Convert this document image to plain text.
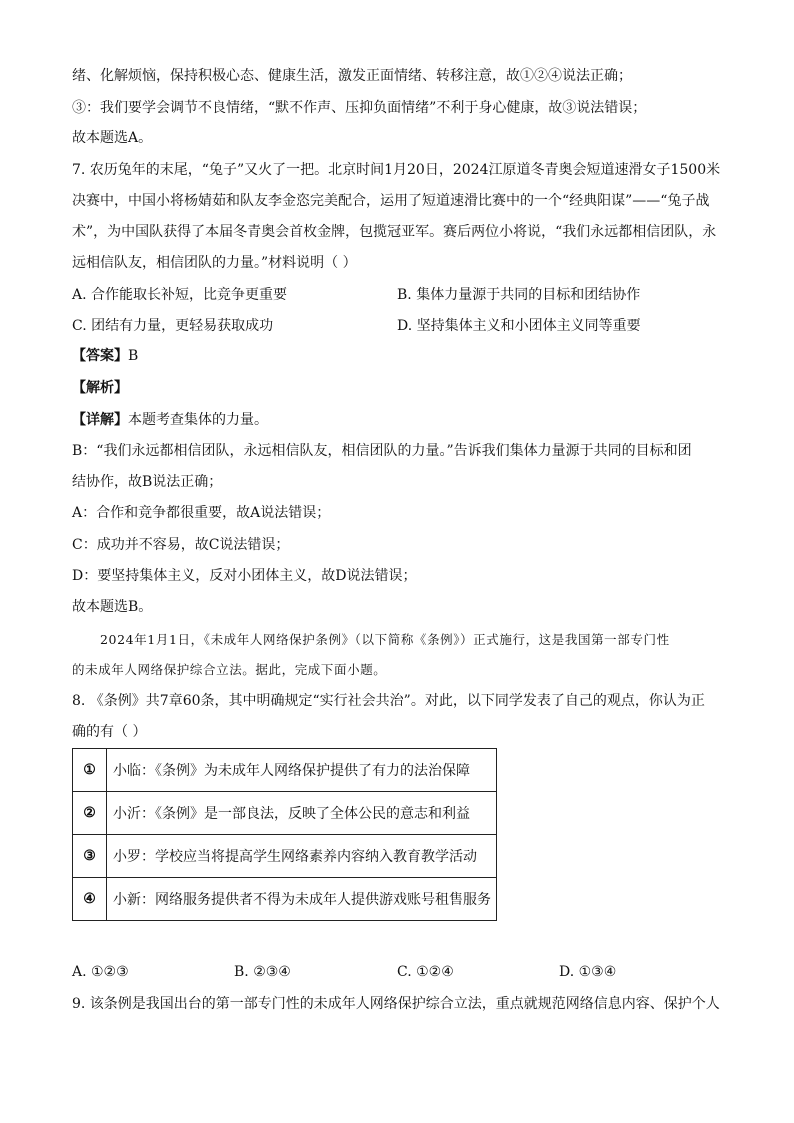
绪、化解烦恼，保持积极心态、健康生活，激发正面情绪、转移注意，故①②④说法正确；
③：我们要学会调节不良情绪，“默不作声、压抑负面情绪”不利于身心健康，故③说法错误；
故本题选A。
7. 农历兔年的末尾，“兔子”又火了一把。北京时间1月20日，2024江原道冬青奥会短道速滑女子1500米
决赛中，中国小将杨婧茹和队友李金恣完美配合，运用了短道速滑比赛中的一个“经典阳谋”——“兔子战
术”，为中国队获得了本届冬青奥会首枚金牌，包揽冠亚军。赛后两位小将说，“我们永远都相信团队，永
远相信队友，相信团队的力量。”材料说明（ ）
A. 合作能取长补短，比竞争更重要	B. 集体力量源于共同的目标和团结协作
C. 团结有力量，更轻易获取成功	D. 坚持集体主义和小团体主义同等重要
【答案】B
【解析】
【详解】本题考查集体的力量。
B：“我们永远都相信团队，永远相信队友，相信团队的力量。”告诉我们集体力量源于共同的目标和团
结协作，故B说法正确；
A：合作和竞争都很重要，故A说法错误；
C：成功并不容易，故C说法错误；
D：要坚持集体主义，反对小团体主义，故D说法错误；
故本题选B。
2024年1月1日，《未成年人网络保护条例》（以下简称《条例》）正式施行，这是我国第一部专门性
的未成年人网络保护综合立法。据此，完成下面小题。
8. 《条例》共7章60条，其中明确规定“实行社会共治”。对此，以下同学发表了自己的观点，你认为正
确的有（ ）
①	小临：《条例》为未成年人网络保护提供了有力的法治保障
②	小沂：《条例》是一部良法，反映了全体公民的意志和利益
③	小罗：学校应当将提高学生网络素养内容纳入教育教学活动
④	小新：网络服务提供者不得为未成年人提供游戏账号租售服务
A. ①②③	B. ②③④	C. ①②④	D. ①③④
9. 该条例是我国出台的第一部专门性的未成年人网络保护综合立法，重点就规范网络信息内容、保护个人
